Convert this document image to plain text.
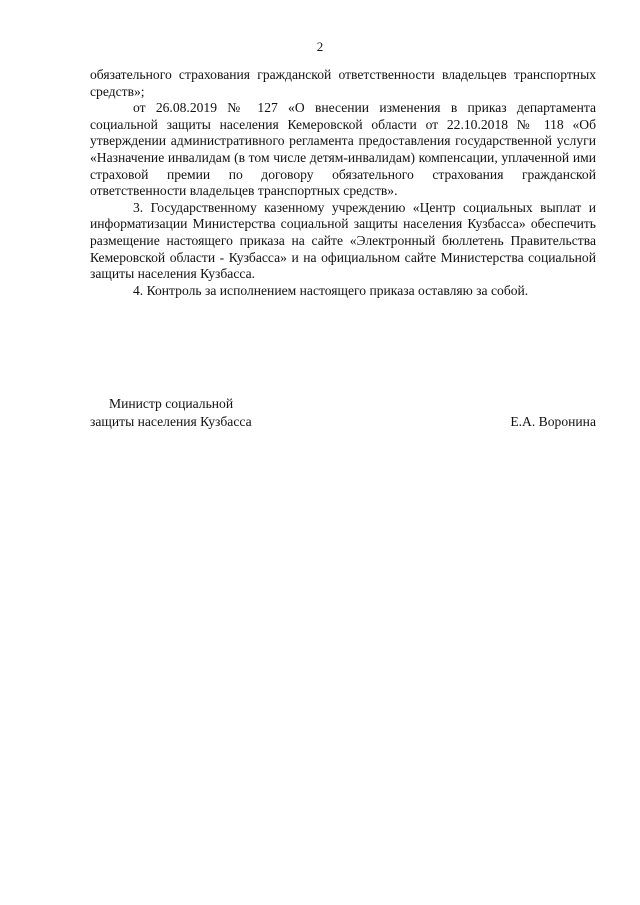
2

обязательного страхования гражданской ответственности владельцев транспортных средств»;

от 26.08.2019 № 127 «О внесении изменения в приказ департамента социальной защиты населения Кемеровской области от 22.10.2018 № 118 «Об утверждении административного регламента предоставления государственной услуги «Назначение инвалидам (в том числе детям-инвалидам) компенсации, уплаченной ими страховой премии по договору обязательного страхования гражданской ответственности владельцев транспортных средств».

3. Государственному казенному учреждению «Центр социальных выплат и информатизации Министерства социальной защиты населения Кузбасса» обеспечить размещение настоящего приказа на сайте «Электронный бюллетень Правительства Кемеровской области - Кузбасса» и на официальном сайте Министерства социальной защиты населения Кузбасса.

4. Контроль за исполнением настоящего приказа оставляю за собой.

Министр социальной
защиты населения Кузбасса	Е.А. Воронина
